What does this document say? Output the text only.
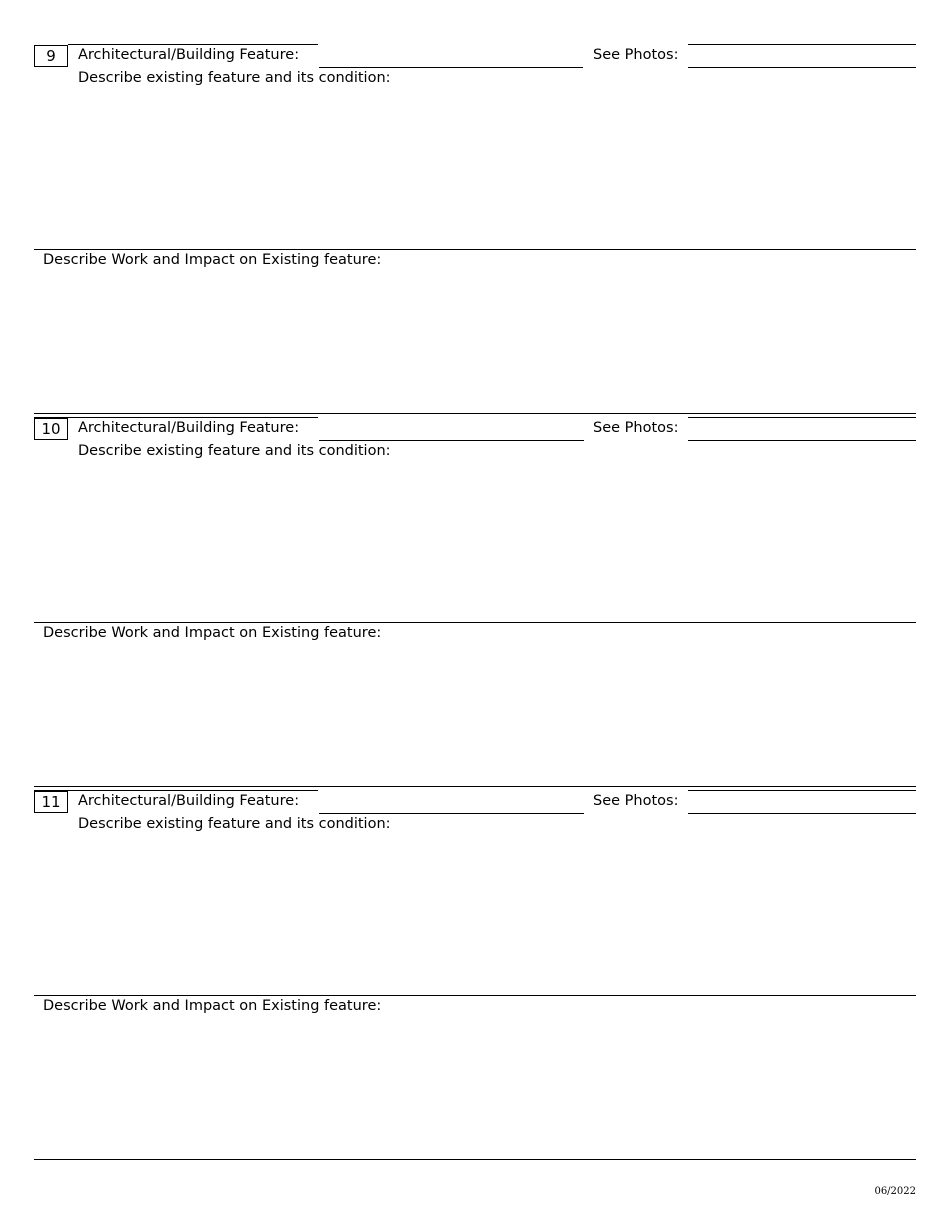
9	Architectural/Building Feature:	See Photos:
Describe existing feature and its condition:
Describe Work and Impact on Existing feature:
10	Architectural/Building Feature:	See Photos:
Describe existing feature and its condition:
Describe Work and Impact on Existing feature:
11	Architectural/Building Feature:	See Photos:
Describe existing feature and its condition:
Describe Work and Impact on Existing feature:
06/2022
